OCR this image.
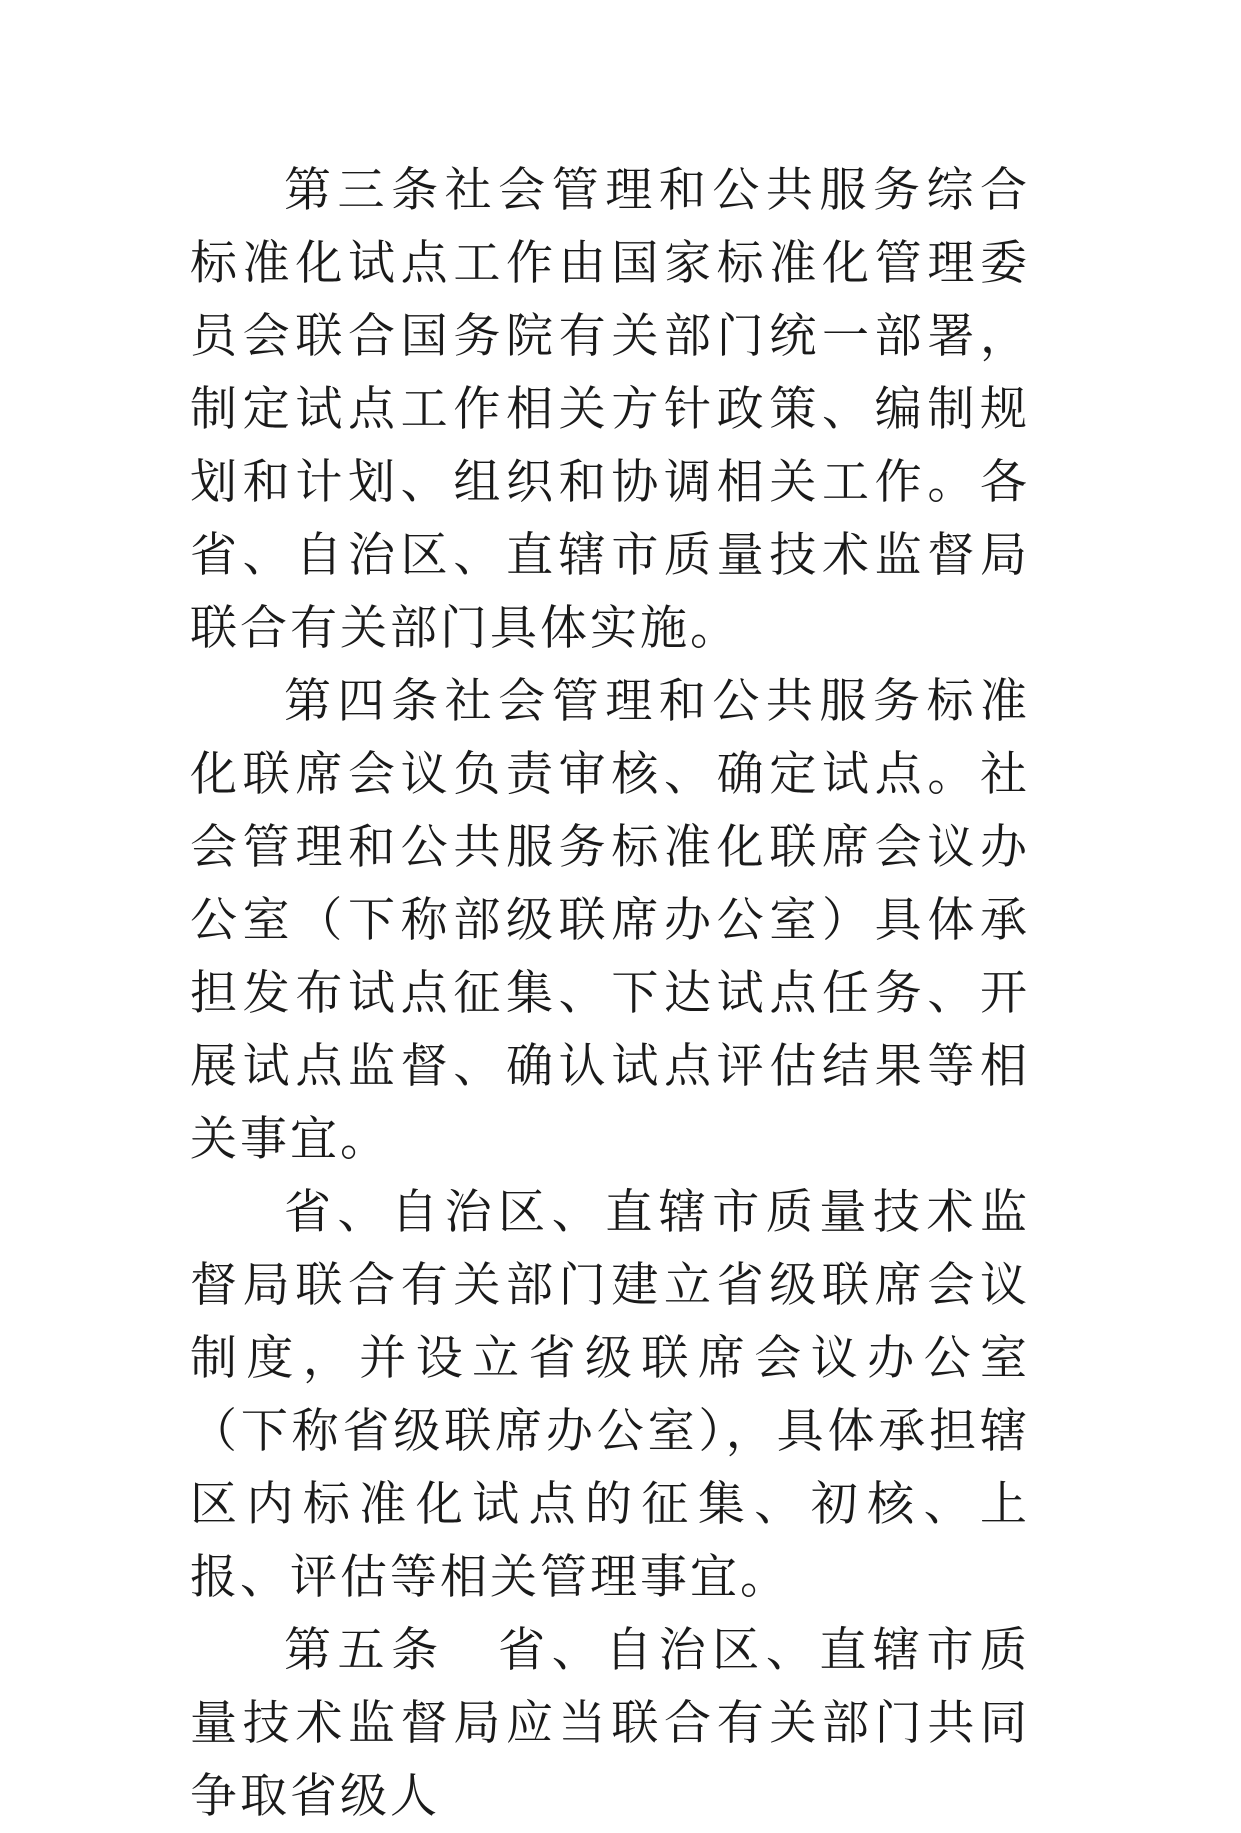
第三条社会管理和公共服务综合标准化试点工作由国家标准化管理委员会联合国务院有关部门统一部署，制定试点工作相关方针政策、编制规划和计划、组织和协调相关工作。各省、自治区、直辖市质量技术监督局联合有关部门具体实施。

第四条社会管理和公共服务标准化联席会议负责审核、确定试点。社会管理和公共服务标准化联席会议办公室（下称部级联席办公室）具体承担发布试点征集、下达试点任务、开展试点监督、确认试点评估结果等相关事宜。

省、自治区、直辖市质量技术监督局联合有关部门建立省级联席会议制度，并设立省级联席会议办公室（下称省级联席办公室），具体承担辖区内标准化试点的征集、初核、上报、评估等相关管理事宜。

第五条　省、自治区、直辖市质量技术监督局应当联合有关部门共同争取省级人
